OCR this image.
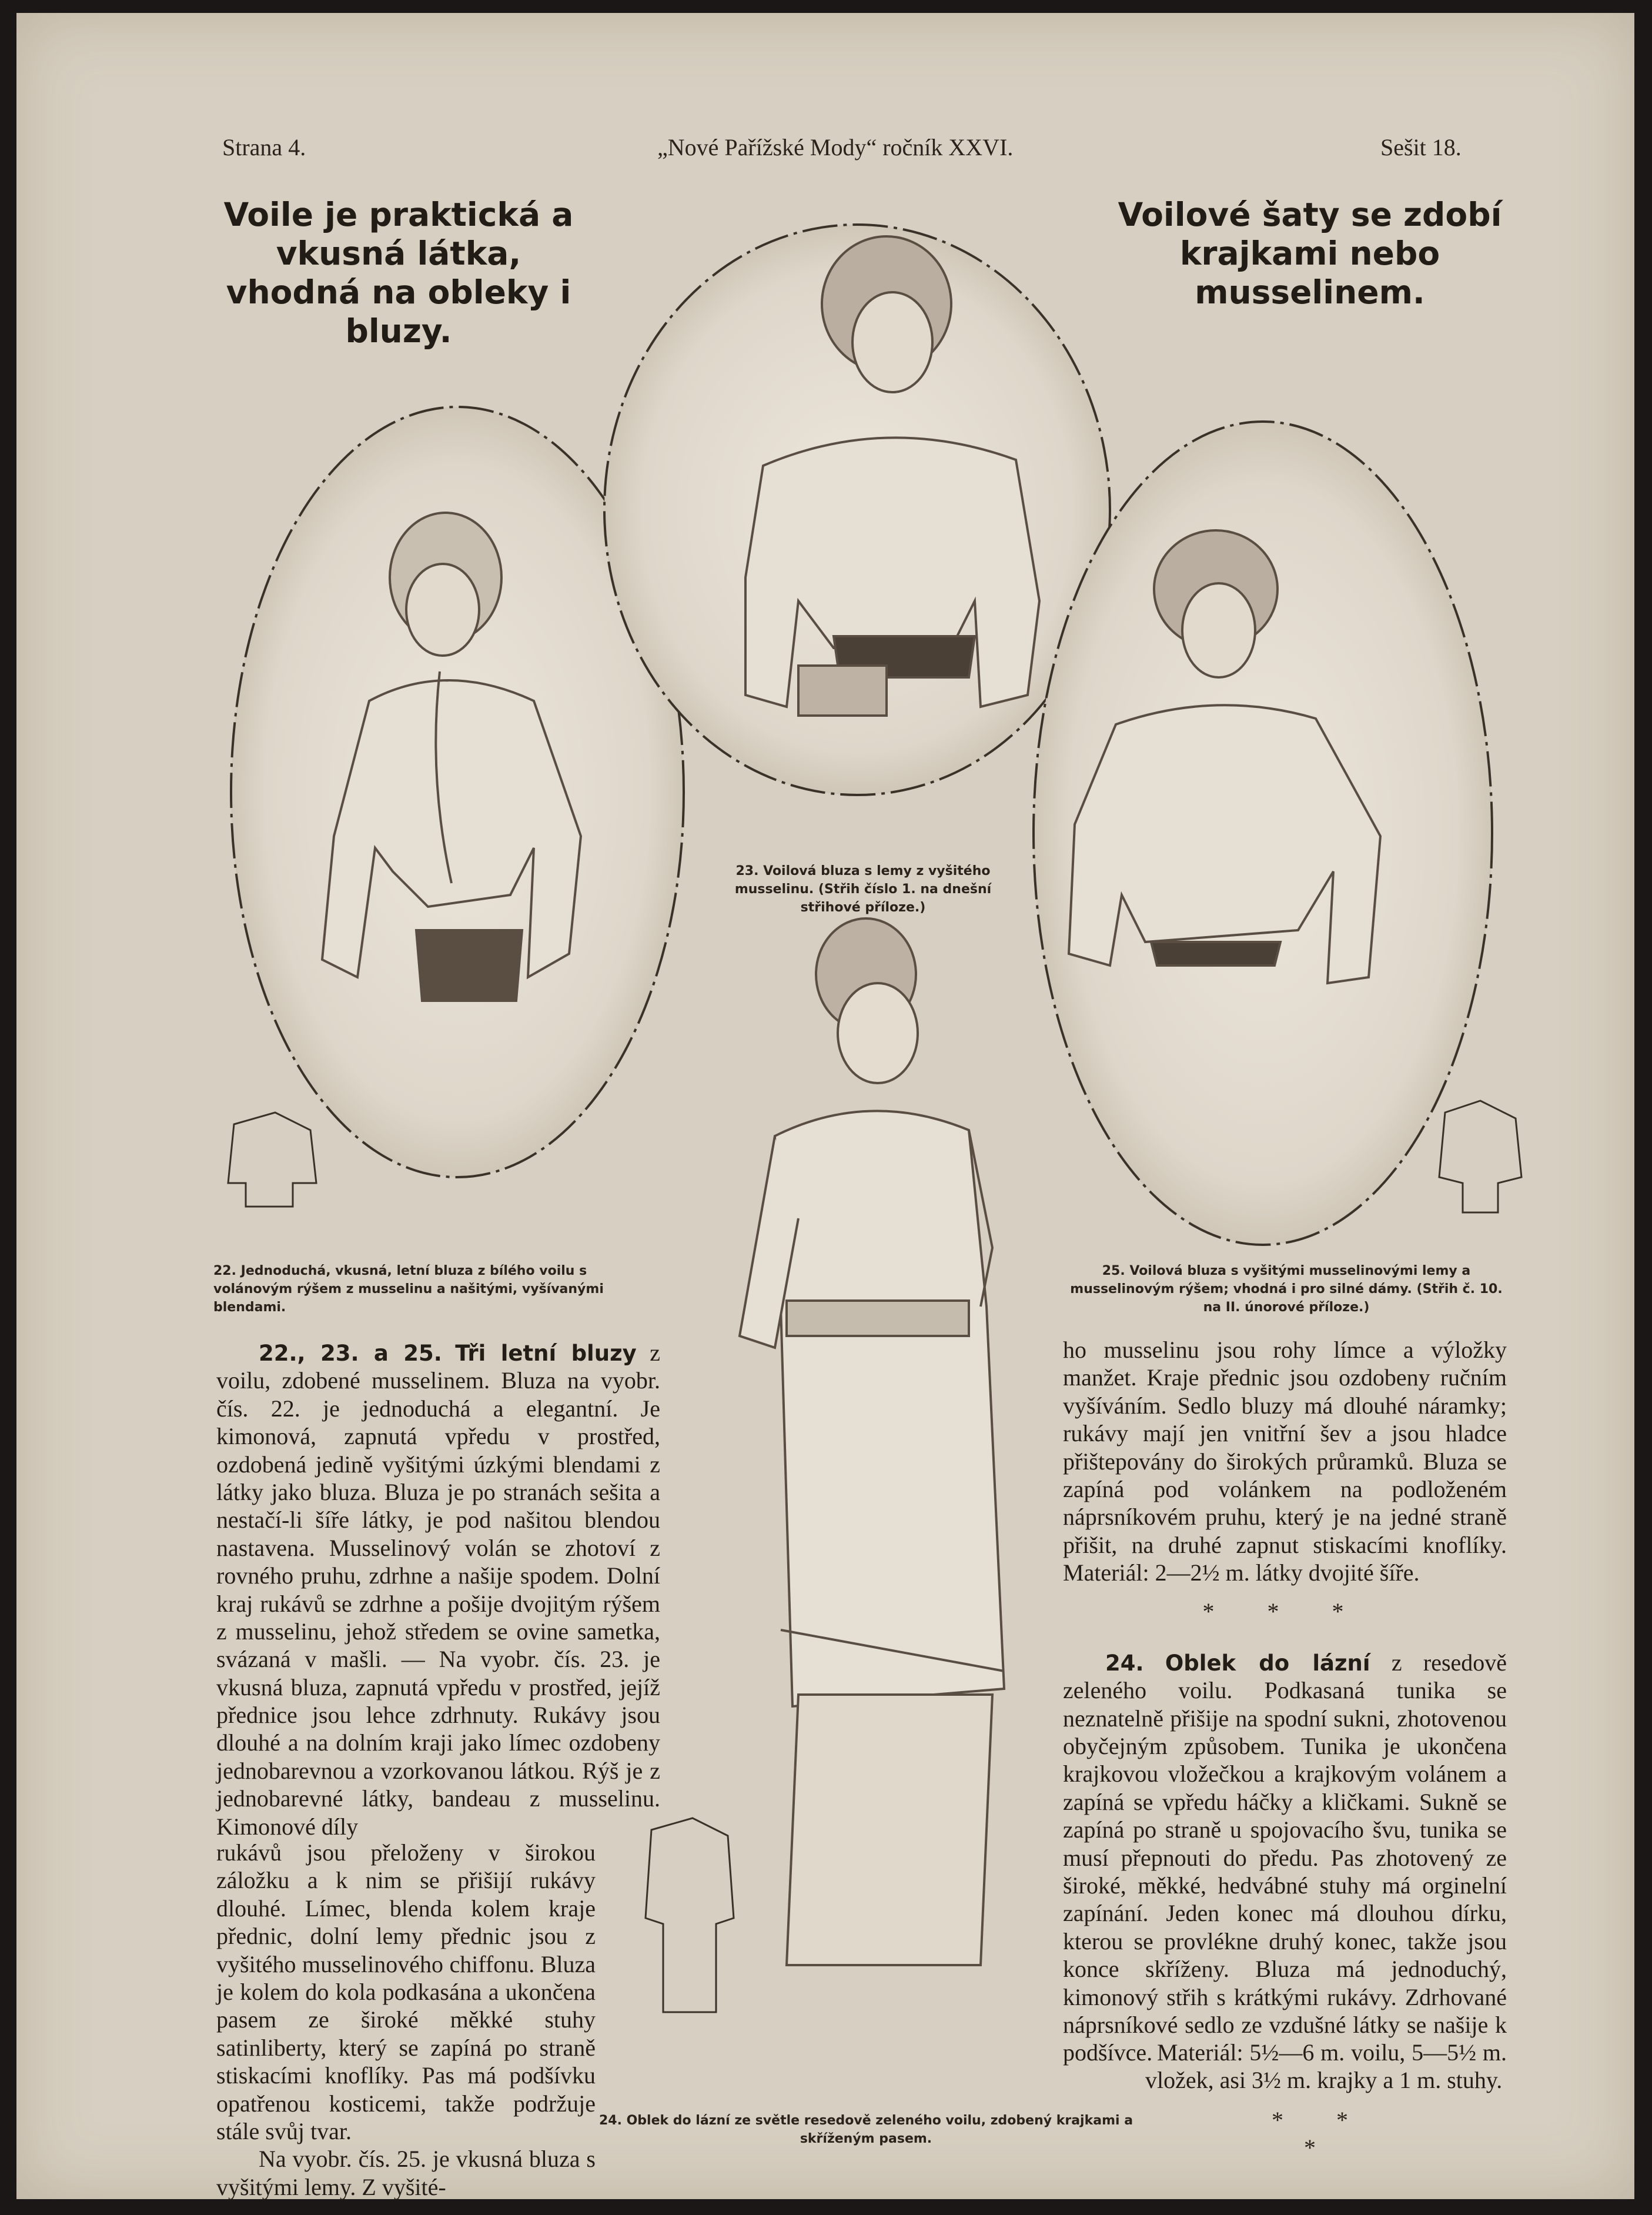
Strana 4.	„Nové Pařížské Mody“ ročník XXVI.	Sešit 18.
Voile je praktická a vkusná látka, vhodná na obleky i bluzy.
Voilové šaty se zdobí krajkami nebo musselinem.
23. Voilová bluza s lemy z vyšitého musselinu. (Střih číslo 1. na dnešní střihové příloze.)
22. Jednoduchá, vkusná, letní bluza z bílého voilu s volánovým rýšem z musselinu a našitými, vyšívanými blendami.
25. Voilová bluza s vyšitými musselinovými lemy a musselinovým rýšem; vhodná i pro silné dámy. (Střih č. 10. na II. únorové příloze.)
24. Oblek do lázní ze světle resedově zeleného voilu, zdobený krajkami a skříženým pasem.

22., 23. a 25. Tři letní bluzy z voilu, zdobené musselinem. Bluza na vyobr. čís. 22. je jednoduchá a elegantní. Je kimonová, zapnutá vpředu v prostřed, ozdobená jedině vyšitými úzkými blendami z látky jako bluza. Bluza je po stranách sešita a nestačí-li šíře látky, je pod našitou blendou nastavena. Musselinový volán se zhotoví z rovného pruhu, zdrhne a našije spodem. Dolní kraj rukávů se zdrhne a pošije dvojitým rýšem z musselinu, jehož středem se ovine sametka, svázaná v mašli. — Na vyobr. čís. 23. je vkusná bluza, zapnutá vpředu v prostřed, jejíž přednice jsou lehce zdrhnuty. Rukávy jsou dlouhé a na dolním kraji jako límec ozdobeny jednobarevnou a vzorkovanou látkou. Rýš je z jednobarevné látky, bandeau z musselinu. Kimonové díly

rukávů jsou přeloženy v širokou záložku a k nim se přišijí rukávy dlouhé. Límec, blenda kolem kraje přednic, dolní lemy přednic jsou z vyšitého musselinového chiffonu. Bluza je kolem do kola podkasána a ukončena pasem ze široké měkké stuhy satinliberty, který se zapíná po straně stiskacími knoflíky. Pas má podšívku opatřenou kosticemi, takže podržuje stále svůj tvar.

Na vyobr. čís. 25. je vkusná bluza s vyšitými lemy. Z vyšité-

ho musselinu jsou rohy límce a výložky manžet. Kraje přednic jsou ozdobeny ručním vyšíváním. Sedlo bluzy má dlouhé náramky; rukávy mají jen vnitřní šev a jsou hladce přištepovány do širokých průramků. Bluza se zapíná pod volánkem na podloženém náprsníkovém pruhu, který je na jedné straně přišit, na druhé zapnut stiskacími knoflíky. Materiál: 2—2½ m. látky dvojité šíře.

* * *

24. Oblek do lázní z resedově zeleného voilu. Podkasaná tunika se neznatelně přišije na spodní sukni, zhotovenou obyčejným způsobem. Tunika je ukončena krajkovou vložečkou a krajkovým volánem a zapíná se vpředu háčky a kličkami. Sukně se zapíná po straně u spojovacího švu, tunika se musí přepnouti do předu. Pas zhotovený ze široké, měkké, hedvábné stuhy má orginelní zapínání. Jeden konec má dlouhou dírku, kterou se provlékne druhý konec, takže jsou konce skříženy. Bluza má jednoduchý, kimonový střih s krátkými rukávy. Zdrhované náprsníkové sedlo ze vzdušné látky se našije k podšívce. Materiál: 5½—6 m. voilu, 5—5½ m. vložek, asi 3½ m. krajky a 1 m. stuhy.

* * *
